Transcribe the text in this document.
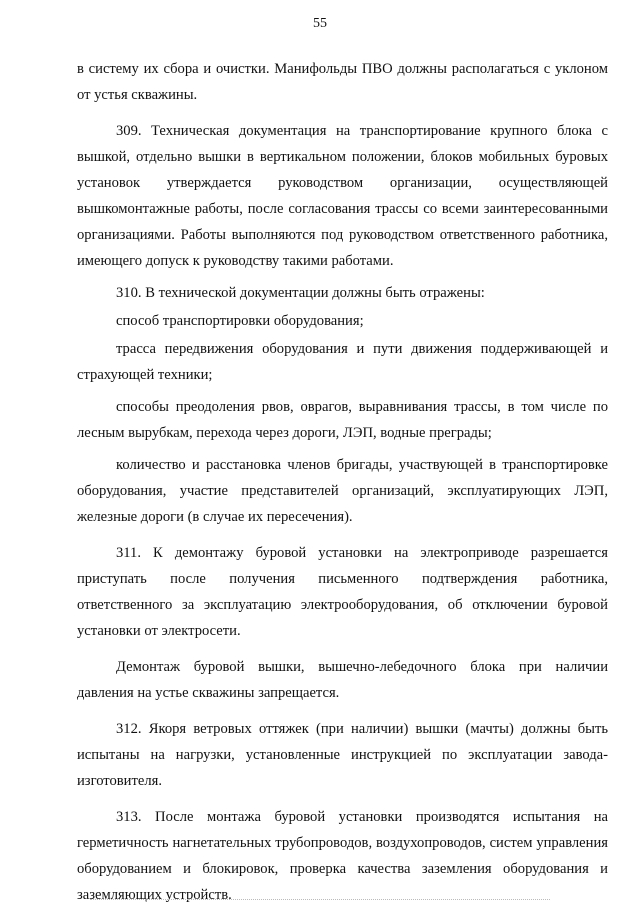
55

в систему их сбора и очистки. Манифольды ПВО должны располагаться с уклоном от устья скважины.

309. Техническая документация на транспортирование крупного блока с вышкой, отдельно вышки в вертикальном положении, блоков мобильных буровых установок утверждается руководством организации, осуществляющей вышкомонтажные работы, после согласования трассы со всеми заинтересованными организациями. Работы выполняются под руководством ответственного работника, имеющего допуск к руководству такими работами.

310. В технической документации должны быть отражены:

способ транспортировки оборудования;

трасса передвижения оборудования и пути движения поддерживающей и страхующей техники;

способы преодоления рвов, оврагов, выравнивания трассы, в том числе по лесным вырубкам, перехода через дороги, ЛЭП, водные преграды;

количество и расстановка членов бригады, участвующей в транспортировке оборудования, участие представителей организаций, эксплуатирующих ЛЭП, железные дороги (в случае их пересечения).

311. К демонтажу буровой установки на электроприводе разрешается приступать после получения письменного подтверждения работника, ответственного за эксплуатацию электрооборудования, об отключении буровой установки от электросети.

Демонтаж буровой вышки, вышечно-лебедочного блока при наличии давления на устье скважины запрещается.

312. Якоря ветровых оттяжек (при наличии) вышки (мачты) должны быть испытаны на нагрузки, установленные инструкцией по эксплуатации завода-изготовителя.

313. После монтажа буровой установки производятся испытания на герметичность нагнетательных трубопроводов, воздухопроводов, систем управления оборудованием и блокировок, проверка качества заземления оборудования и заземляющих устройств.
